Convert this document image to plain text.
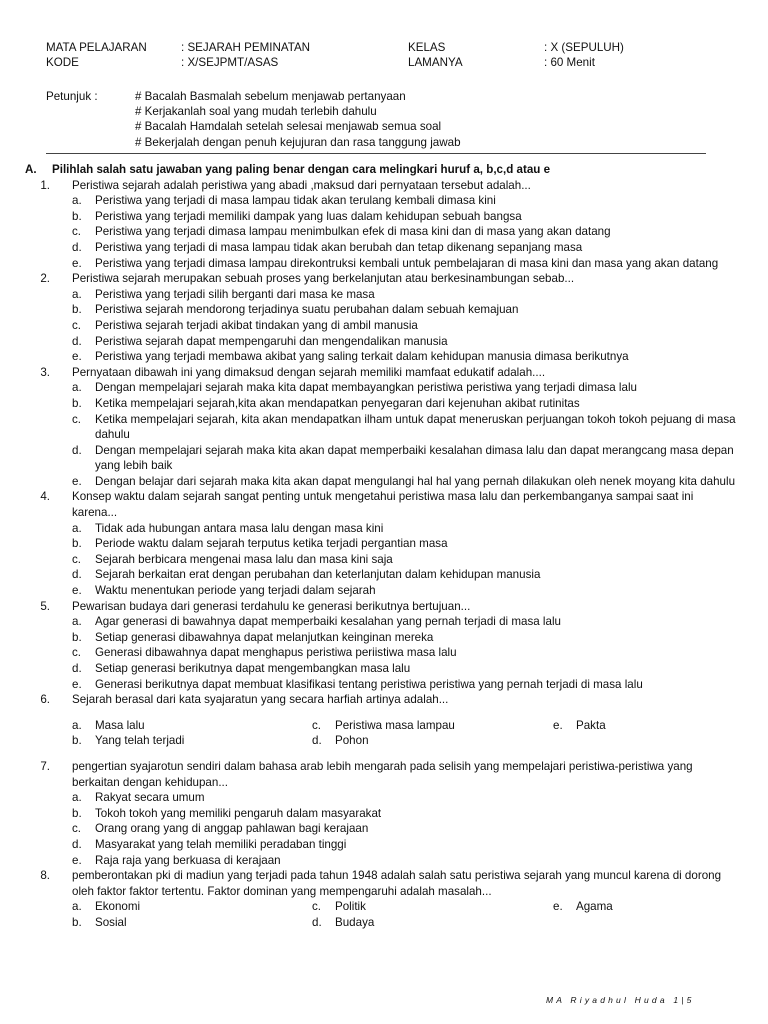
MATA PELAJARAN	: SEJARAH PEMINATAN	KELAS	: X (SEPULUH)
KODE	: X/SEJPMT/ASAS	LAMANYA	: 60 Menit
Petunjuk :	# Bacalah Basmalah sebelum menjawab pertanyaan
# Kerjakanlah soal yang mudah terlebih dahulu
# Bacalah Hamdalah setelah selesai menjawab semua soal
# Bekerjalah dengan penuh kejujuran dan rasa tanggung jawab
A. Pilihlah salah satu jawaban yang paling benar dengan cara melingkari huruf a, b,c,d atau e
1. Peristiwa sejarah adalah peristiwa yang abadi ,maksud dari pernyataan tersebut adalah...
a. Peristiwa yang terjadi di masa lampau tidak akan terulang kembali dimasa kini
b. Peristiwa yang terjadi memiliki dampak yang luas dalam kehidupan sebuah bangsa
c. Peristiwa yang terjadi dimasa lampau menimbulkan efek di masa kini dan di masa yang akan datang
d. Peristiwa yang terjadi di masa lampau tidak akan berubah dan tetap dikenang sepanjang masa
e. Peristiwa yang terjadi dimasa lampau direkontruksi kembali untuk pembelajaran di masa kini dan masa yang akan datang
2. Peristiwa sejarah merupakan sebuah proses yang berkelanjutan atau berkesinambungan sebab...
a. Peristiwa yang terjadi silih berganti dari masa ke masa
b. Peristiwa sejarah mendorong terjadinya suatu perubahan dalam sebuah kemajuan
c. Peristiwa sejarah terjadi akibat tindakan yang di ambil manusia
d. Peristiwa sejarah dapat mempengaruhi dan mengendalikan manusia
e. Peristiwa yang terjadi membawa akibat yang saling terkait dalam kehidupan manusia dimasa berikutnya
3. Pernyataan dibawah ini yang dimaksud dengan sejarah memiliki mamfaat edukatif adalah....
a. Dengan mempelajari sejarah maka kita dapat membayangkan peristiwa peristiwa yang terjadi dimasa lalu
b. Ketika mempelajari sejarah,kita akan mendapatkan penyegaran dari kejenuhan akibat rutinitas
c. Ketika mempelajari sejarah, kita akan mendapatkan ilham untuk dapat meneruskan perjuangan tokoh tokoh pejuang di masa dahulu
d. Dengan mempelajari sejarah maka kita akan dapat memperbaiki kesalahan dimasa lalu dan dapat merangcang masa depan yang lebih baik
e. Dengan belajar dari sejarah maka kita akan dapat mengulangi hal hal yang pernah dilakukan oleh nenek moyang kita dahulu
4. Konsep waktu dalam sejarah sangat penting untuk mengetahui peristiwa masa lalu dan perkembanganya sampai saat ini karena...
a. Tidak ada hubungan antara masa lalu dengan masa kini
b. Periode waktu dalam sejarah terputus ketika terjadi pergantian masa
c. Sejarah berbicara mengenai masa lalu dan masa kini saja
d. Sejarah berkaitan erat dengan perubahan dan keterlanjutan dalam kehidupan manusia
e. Waktu menentukan periode yang terjadi dalam sejarah
5. Pewarisan budaya dari generasi terdahulu ke generasi berikutnya bertujuan...
a. Agar generasi di bawahnya dapat memperbaiki kesalahan yang pernah terjadi di masa lalu
b. Setiap generasi dibawahnya dapat melanjutkan keinginan mereka
c. Generasi dibawahnya dapat menghapus peristiwa periistiwa masa lalu
d. Setiap generasi berikutnya dapat mengembangkan masa lalu
e. Generasi berikutnya dapat membuat klasifikasi tentang peristiwa peristiwa yang pernah terjadi di masa lalu
6. Sejarah berasal dari kata syajaratun yang secara harfiah artinya adalah...
a. Masa lalu	c. Peristiwa masa lampau	e. Pakta
b. Yang telah terjadi	d. Pohon
7. pengertian syajarotun sendiri dalam bahasa arab lebih mengarah pada selisih yang mempelajari peristiwa-peristiwa yang berkaitan dengan kehidupan...
a. Rakyat secara umum
b. Tokoh tokoh yang memiliki pengaruh dalam masyarakat
c. Orang orang yang di anggap pahlawan bagi kerajaan
d. Masyarakat yang telah memiliki peradaban tinggi
e. Raja raja yang berkuasa di kerajaan
8. pemberontakan pki di madiun yang terjadi pada tahun 1948 adalah salah satu peristiwa sejarah yang muncul karena di dorong oleh faktor faktor tertentu. Faktor dominan yang mempengaruhi adalah masalah...
a. Ekonomi	c. Politik	e. Agama
b. Sosial	d. Budaya
MA Riyadhul Huda 1|5
